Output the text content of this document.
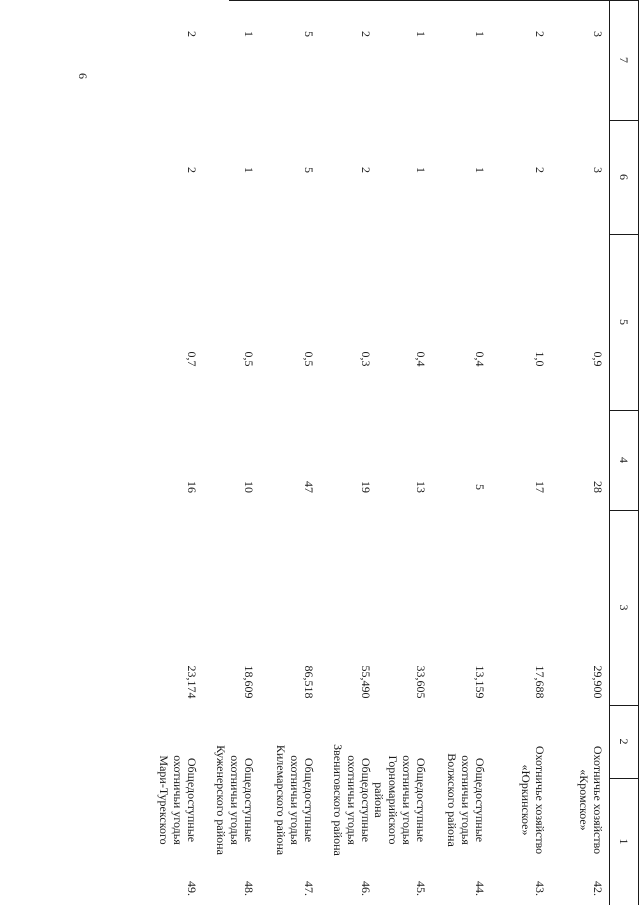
6
7
6
5
4
3
2
1
42.
Охотничье хозяйство
«Кромское»
29,900
28
0,9
3
3
43.
Охотничье хозяйство
«Юркинское»
17,688
17
1,0
2
2
44.
Общедоступные
охотничьи угодья
Волжского района
13,159
5
0,4
1
1
45.
Общедоступные
охотничьи угодья
Горномарийского
района
33,605
13
0,4
1
1
46.
Общедоступные
охотничьи угодья
Звениговского района
55,490
19
0,3
2
2
47.
Общедоступные
охотничьи угодья
Килемарского района
86,518
47
0,5
5
5
48.
Общедоступные
охотничьи угодья
Куженерского района
18,609
10
0,5
1
1
49.
Общедоступные
охотничьи угодья
Мари-Турекского
23,174
16
0,7
2
2
